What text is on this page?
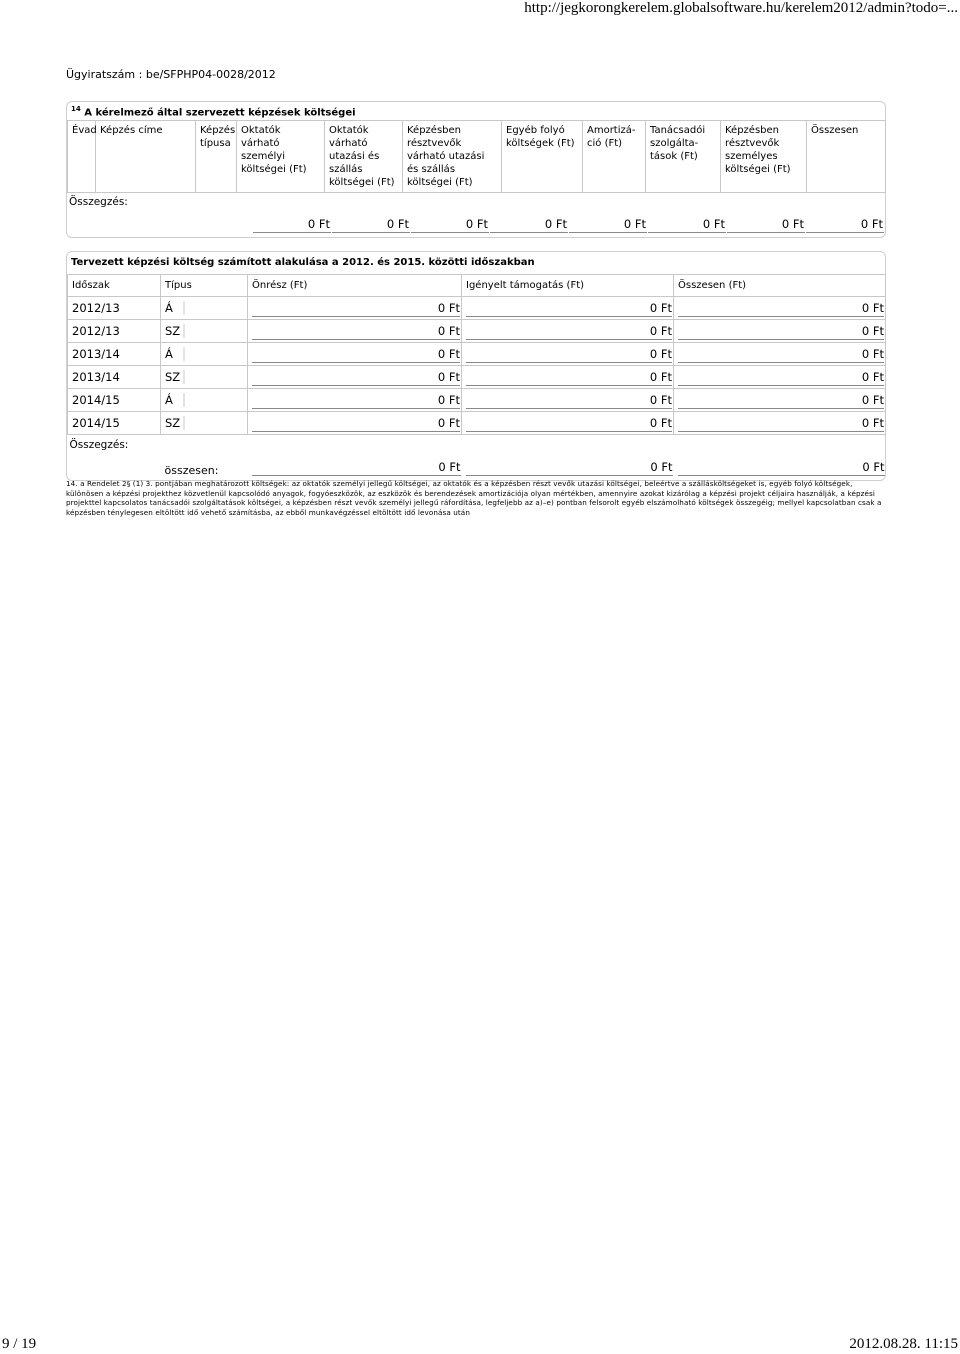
http://jegkorongkerelem.globalsoftware.hu/kerelem2012/admin?todo=...
Ügyiratszám : be/SFPHP04-0028/2012
$^{14}$ A kérelmező által szervezett képzések költségei
Évad	Képzés címe	Képzés típusa	Oktatók várható személyi költségei (Ft)	Oktatók várható utazási és szállás költségei (Ft)	Képzésben résztvevők várható utazási és szállás költségei (Ft)	Egyéb folyó költségek (Ft)	Amortizá-ció (Ft)	Tanácsadói szolgálta-tások (Ft)	Képzésben résztvevők személyes költségei (Ft)	Összesen
Összegzés:
0 Ft	0 Ft	0 Ft	0 Ft	0 Ft	0 Ft	0 Ft	0 Ft
Tervezett képzési költség számított alakulása a 2012. és 2015. közötti időszakban
Időszak	Típus	Önrész (Ft)	Igényelt támogatás (Ft)	Összesen (Ft)
2012/13	Á	0 Ft	0 Ft	0 Ft
2012/13	SZ	0 Ft	0 Ft	0 Ft
2013/14	Á	0 Ft	0 Ft	0 Ft
2013/14	SZ	0 Ft	0 Ft	0 Ft
2014/15	Á	0 Ft	0 Ft	0 Ft
2014/15	SZ	0 Ft	0 Ft	0 Ft
Összegzés:				
	összesen:	0 Ft	0 Ft	0 Ft
14. a Rendelet 2§ (1) 3. pontjában meghatározott költségek: az oktatók személyi jellegű költségei, az oktatók és a képzésben részt vevők utazási költségei, beleértve a szállásköltségeket is, egyéb folyó költségek, különösen a képzési projekthez közvetlenül kapcsolódó anyagok, fogyóeszközök, az eszközök és berendezések amortizációja olyan mértékben, amennyire azokat kizárólag a képzési projekt céljaira használják, a képzési projekttel kapcsolatos tanácsadói szolgáltatások költségei, a képzésben részt vevők személyi jellegű ráfordítása, legfeljebb az a)–e) pontban felsorolt egyéb elszámolható költségek összegéig; mellyel kapcsolatban csak a képzésben ténylegesen eltöltött idő vehető számításba, az ebből munkavégzéssel eltöltött idő levonása után
9 / 19	2012.08.28. 11:15
